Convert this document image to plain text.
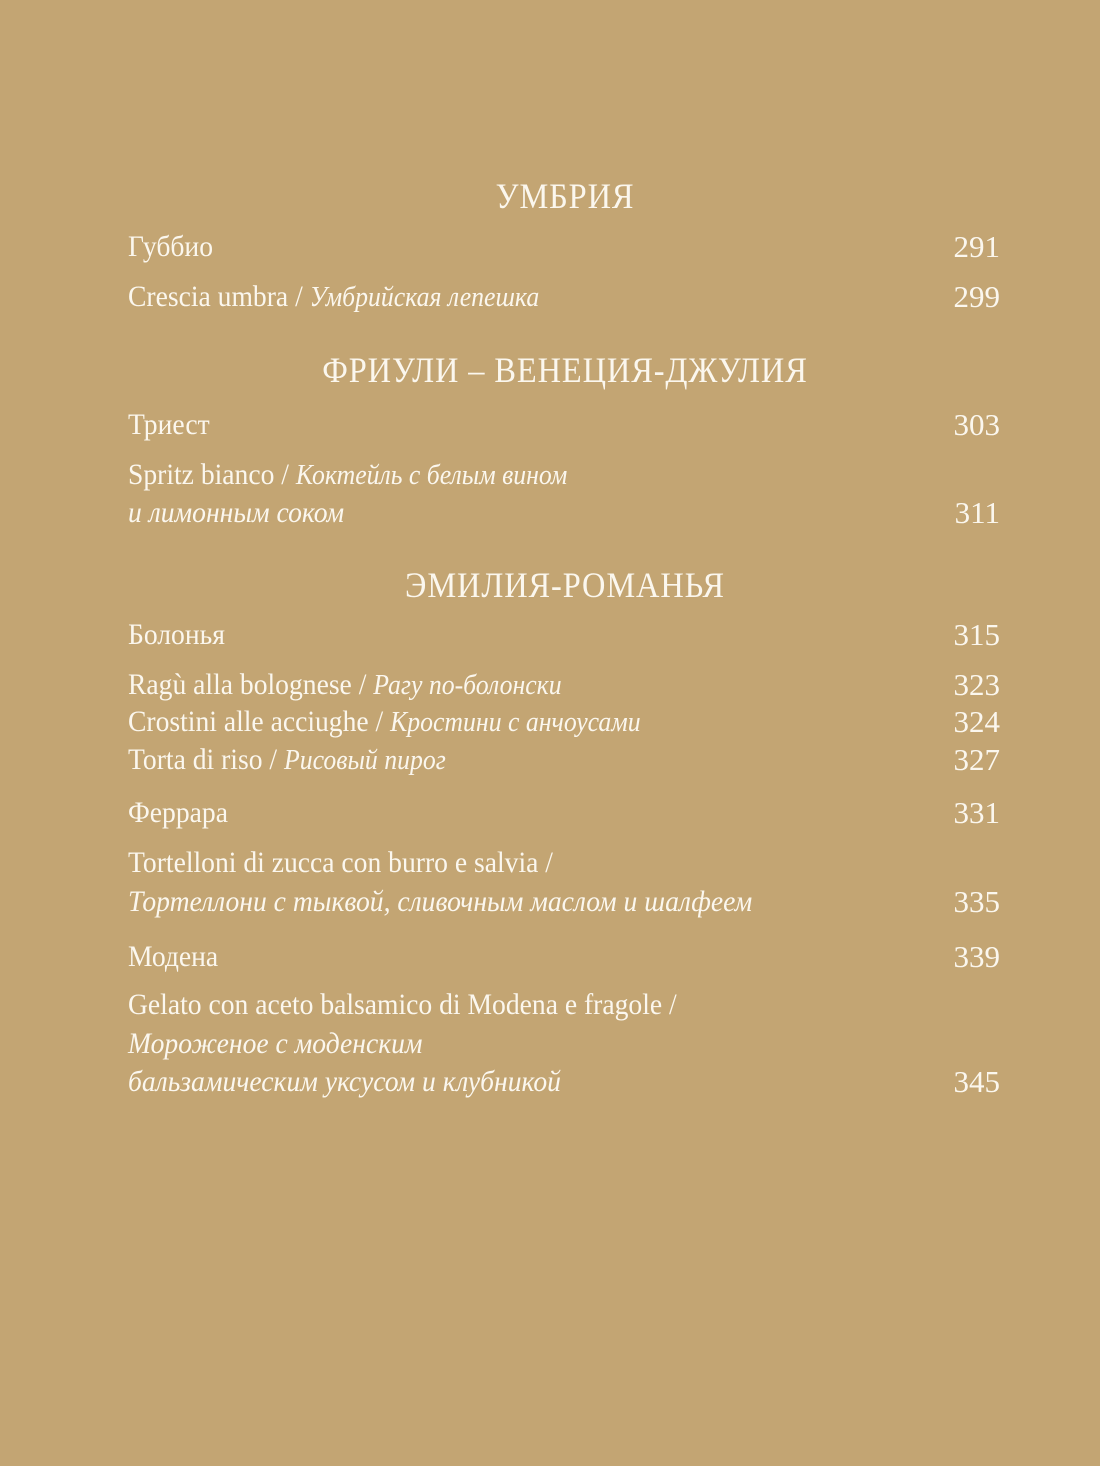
УМБРИЯ
Губбио	291
Crescia umbra / Умбрийская лепешка	299
ФРИУЛИ – ВЕНЕЦИЯ-ДЖУЛИЯ
Триест	303
Spritz bianco / Коктейль с белым вином
и лимонным соком	311
ЭМИЛИЯ-РОМАНЬЯ
Болонья	315
Ragù alla bolognese / Рагу по-болонски	323
Crostini alle acciughe / Кростини с анчоусами	324
Torta di riso / Рисовый пирог	327
Феррара	331
Tortelloni di zucca con burro e salvia /
Тортеллони с тыквой, сливочным маслом и шалфеем	335
Модена	339
Gelato con aceto balsamico di Modena e fragole /
Мороженое с моденским
бальзамическим уксусом и клубникой	345
